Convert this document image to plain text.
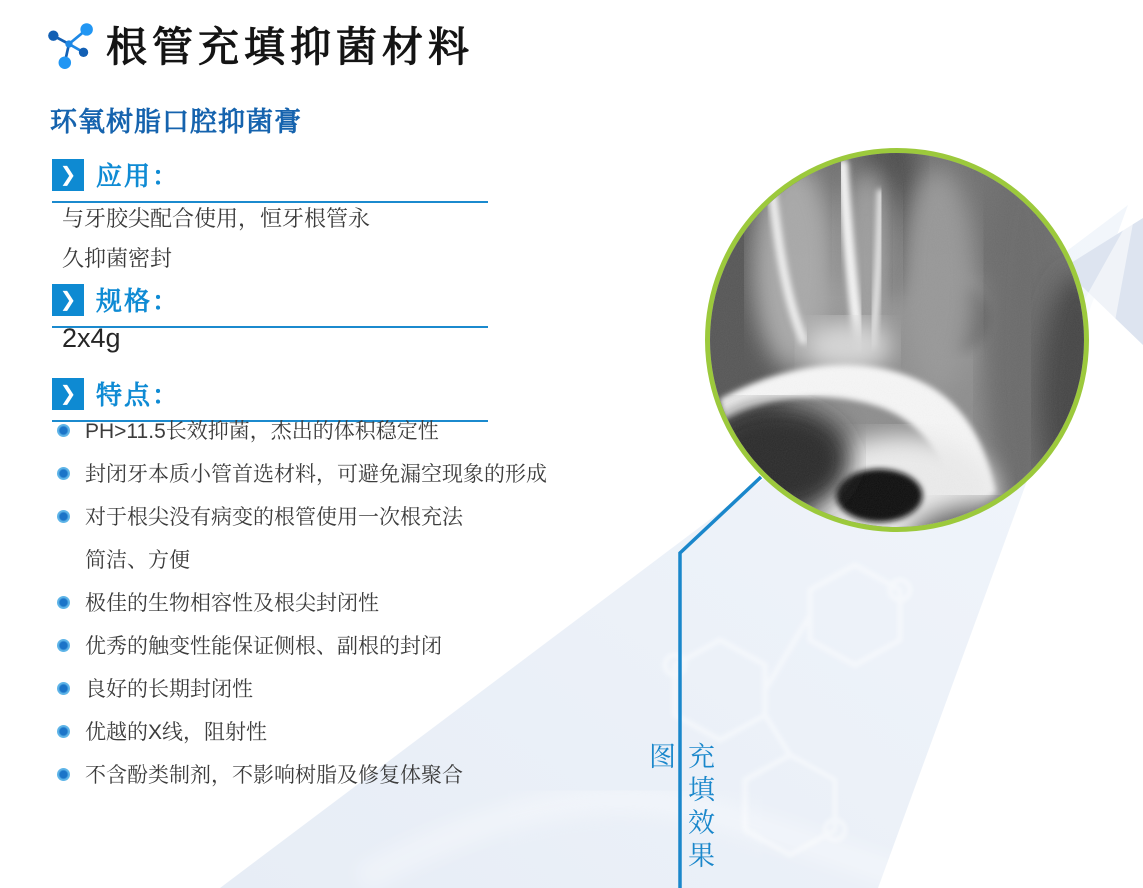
根管充填抑菌材料
环氧树脂口腔抑菌膏
❯ 应用：
与牙胶尖配合使用，恒牙根管永久抑菌密封
❯ 规格：
2x4g
❯ 特点：
PH>11.5长效抑菌，杰出的体积稳定性
封闭牙本质小管首选材料，可避免漏空现象的形成
对于根尖没有病变的根管使用一次根充法
简洁、方便
极佳的生物相容性及根尖封闭性
优秀的触变性能保证侧根、副根的封闭
良好的长期封闭性
优越的X线，阻射性
不含酚类制剂，不影响树脂及修复体聚合	充填效果图
